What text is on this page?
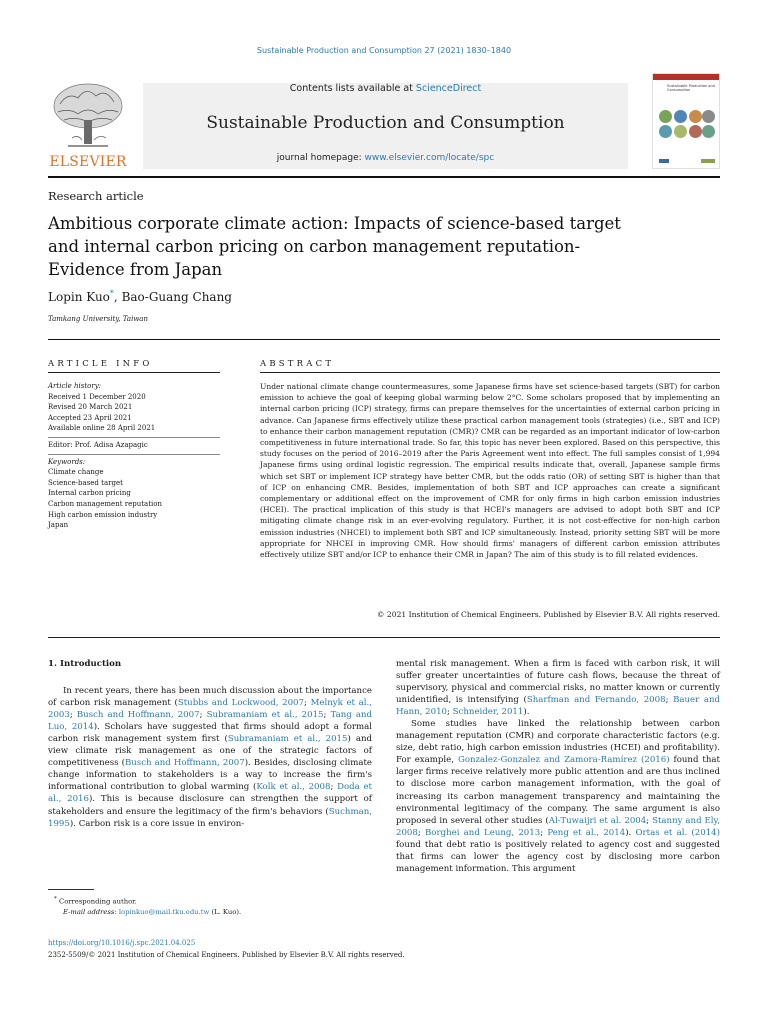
Sustainable Production and Consumption 27 (2021) 1830–1840
ELSEVIER
Contents lists available at ScienceDirect
Sustainable Production and Consumption
journal homepage: www.elsevier.com/locate/spc
Sustainable Production and Consumption
Research article
Ambitious corporate climate action: Impacts of science-based target and internal carbon pricing on carbon management reputation-Evidence from Japan
Lopin Kuo*, Bao-Guang Chang
Tamkang University, Taiwan
ARTICLE INFO	ABSTRACT
Article history:
Received 1 December 2020
Revised 20 March 2021
Accepted 23 April 2021
Available online 28 April 2021
Editor: Prof. Adisa Azapagic
Keywords:
Climate change
Science-based target
Internal carbon pricing
Carbon management reputation
High carbon emission industry
Japan
Under national climate change countermeasures, some Japanese firms have set science-based targets (SBT) for carbon emission to achieve the goal of keeping global warming below 2°C. Some scholars proposed that by implementing an internal carbon pricing (ICP) strategy, firms can prepare themselves for the uncertainties of external carbon pricing in advance. Can Japanese firms effectively utilize these practical carbon management tools (strategies) (i.e., SBT and ICP) to enhance their carbon management reputation (CMR)? CMR can be regarded as an important indicator of low-carbon competitiveness in future international trade. So far, this topic has never been explored. Based on this perspective, this study focuses on the period of 2016–2019 after the Paris Agreement went into effect. The full samples consist of 1,994 Japanese firms using ordinal logistic regression. The empirical results indicate that, overall, Japanese sample firms which set SBT or implement ICP strategy have better CMR, but the odds ratio (OR) of setting SBT is higher than that of ICP on enhancing CMR. Besides, implementation of both SBT and ICP approaches can create a significant complementary or additional effect on the improvement of CMR for only firms in high carbon emission industries (HCEI). The practical implication of this study is that HCEI's managers are advised to adopt both SBT and ICP mitigating climate change risk in an ever-evolving regulatory. Further, it is not cost-effective for non-high carbon emission industries (NHCEI) to implement both SBT and ICP simultaneously. Instead, priority setting SBT will be more appropriate for NHCEI in improving CMR. How should firms' managers of different carbon emission attributes effectively utilize SBT and/or ICP to enhance their CMR in Japan? The aim of this study is to fill related evidences.
© 2021 Institution of Chemical Engineers. Published by Elsevier B.V. All rights reserved.
1. Introduction

In recent years, there has been much discussion about the importance of carbon risk management (Stubbs and Lockwood, 2007; Melnyk et al., 2003; Busch and Hoffmann, 2007; Subramaniam et al., 2015; Tang and Luo, 2014). Scholars have suggested that firms should adopt a formal carbon risk management system first (Subramaniam et al., 2015) and view climate risk management as one of the strategic factors of competitiveness (Busch and Hoffmann, 2007). Besides, disclosing climate change information to stakeholders is a way to increase the firm's informational contribution to global warming (Kolk et al., 2008; Doda et al., 2016). This is because disclosure can strengthen the support of stakeholders and ensure the legitimacy of the firm's behaviors (Suchman, 1995). Carbon risk is a core issue in environ-

mental risk management. When a firm is faced with carbon risk, it will suffer greater uncertainties of future cash flows, because the threat of supervisory, physical and commercial risks, no matter known or currently unidentified, is intensifying (Sharfman and Fernando, 2008; Bauer and Hann, 2010; Schneider, 2011).

Some studies have linked the relationship between carbon management reputation (CMR) and corporate characteristic factors (e.g. size, debt ratio, high carbon emission industries (HCEI) and profitability). For example, Gonzalez-Gonzalez and Zamora-Ramírez (2016) found that larger firms receive relatively more public attention and are thus inclined to disclose more carbon management information, with the goal of increasing its carbon management transparency and maintaining the environmental legitimacy of the company. The same argument is also proposed in several other studies (Al-Tuwaijri et al. 2004; Stanny and Ely, 2008; Borghei and Leung, 2013; Peng et al., 2014). Ortas et al. (2014) found that debt ratio is positively related to agency cost and suggested that firms can lower the agency cost by disclosing more carbon management information. This argument

* Corresponding author.
E-mail address: lopinkuo@mail.tku.edu.tw (L. Kuo).
https://doi.org/10.1016/j.spc.2021.04.025
2352-5509/© 2021 Institution of Chemical Engineers. Published by Elsevier B.V. All rights reserved.
